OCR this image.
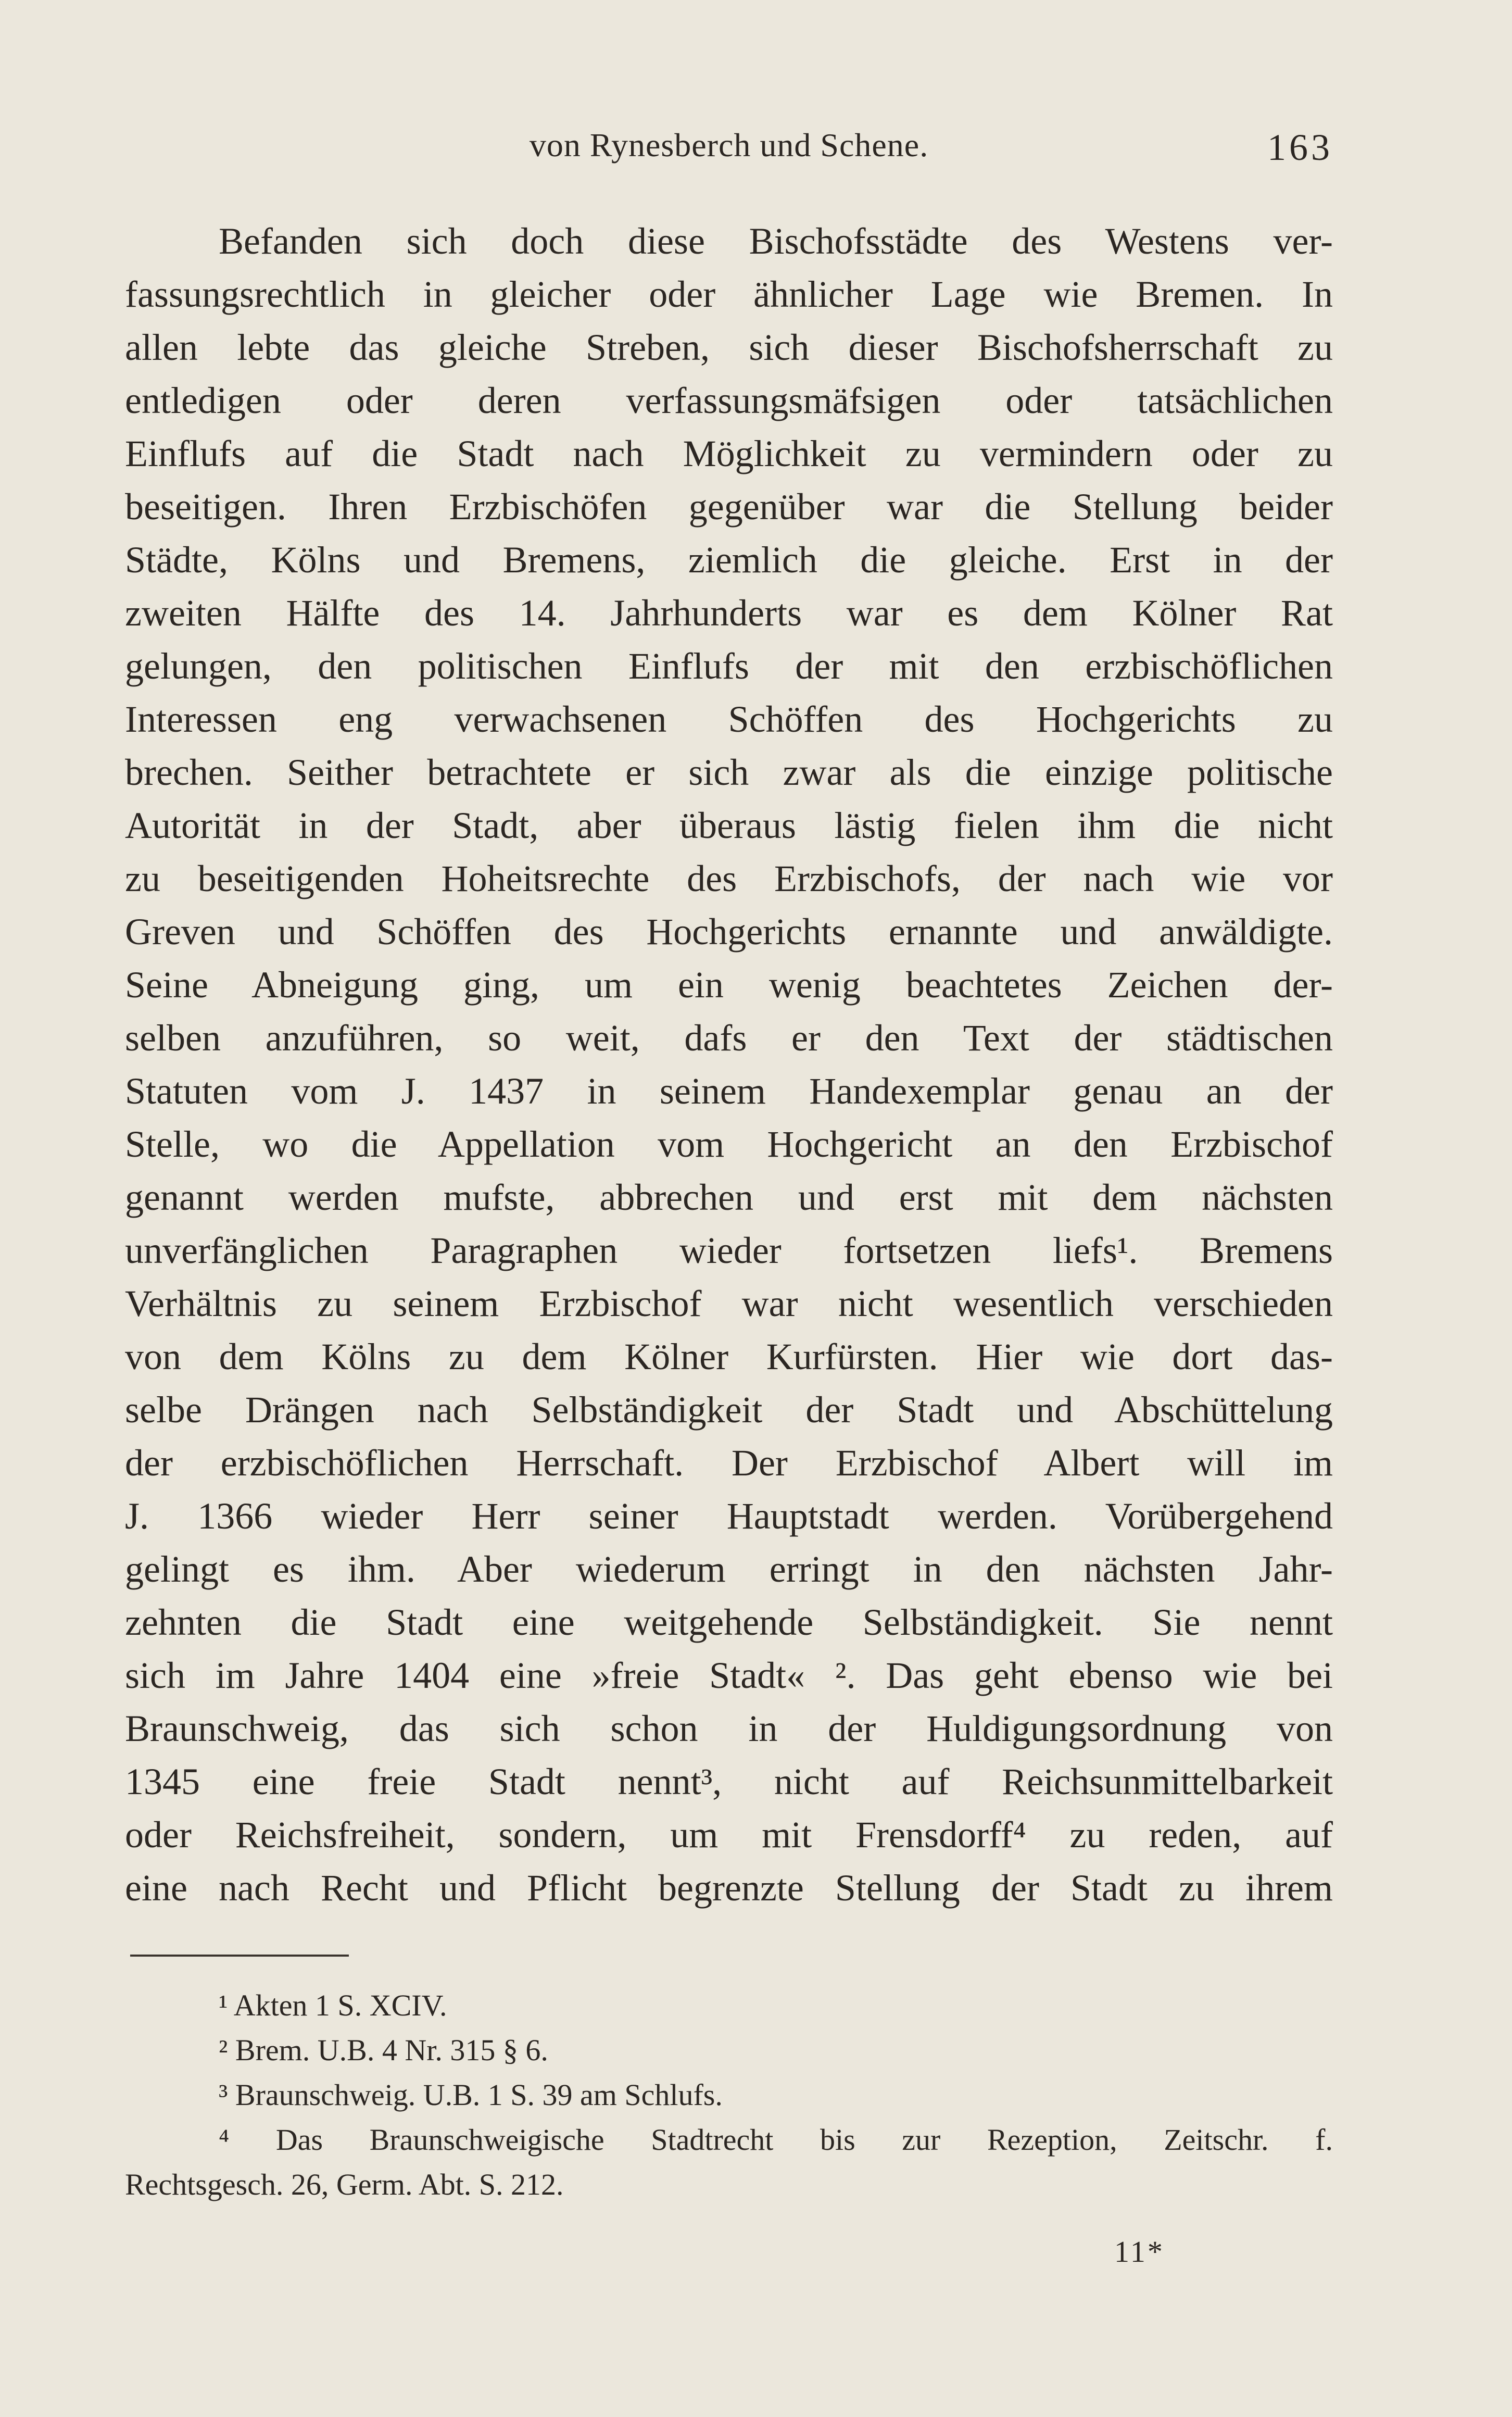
von Rynesberch und Schene.	163
Befanden sich doch diese Bischofsstädte des Westens ver-
fassungsrechtlich in gleicher oder ähnlicher Lage wie Bremen. In
allen lebte das gleiche Streben, sich dieser Bischofsherrschaft zu
entledigen oder deren verfassungsmäfsigen oder tatsächlichen
Einflufs auf die Stadt nach Möglichkeit zu vermindern oder zu
beseitigen. Ihren Erzbischöfen gegenüber war die Stellung beider
Städte, Kölns und Bremens, ziemlich die gleiche. Erst in der
zweiten Hälfte des 14. Jahrhunderts war es dem Kölner Rat
gelungen, den politischen Einflufs der mit den erzbischöflichen
Interessen eng verwachsenen Schöffen des Hochgerichts zu
brechen. Seither betrachtete er sich zwar als die einzige politische
Autorität in der Stadt, aber überaus lästig fielen ihm die nicht
zu beseitigenden Hoheitsrechte des Erzbischofs, der nach wie vor
Greven und Schöffen des Hochgerichts ernannte und anwäldigte.
Seine Abneigung ging, um ein wenig beachtetes Zeichen der-
selben anzuführen, so weit, dafs er den Text der städtischen
Statuten vom J. 1437 in seinem Handexemplar genau an der
Stelle, wo die Appellation vom Hochgericht an den Erzbischof
genannt werden mufste, abbrechen und erst mit dem nächsten
unverfänglichen Paragraphen wieder fortsetzen liefs¹. Bremens
Verhältnis zu seinem Erzbischof war nicht wesentlich verschieden
von dem Kölns zu dem Kölner Kurfürsten. Hier wie dort das-
selbe Drängen nach Selbständigkeit der Stadt und Abschüttelung
der erzbischöflichen Herrschaft. Der Erzbischof Albert will im
J. 1366 wieder Herr seiner Hauptstadt werden. Vorübergehend
gelingt es ihm. Aber wiederum erringt in den nächsten Jahr-
zehnten die Stadt eine weitgehende Selbständigkeit. Sie nennt
sich im Jahre 1404 eine »freie Stadt« ². Das geht ebenso wie bei
Braunschweig, das sich schon in der Huldigungsordnung von
1345 eine freie Stadt nennt³, nicht auf Reichsunmittelbarkeit
oder Reichsfreiheit, sondern, um mit Frensdorff⁴ zu reden, auf
eine nach Recht und Pflicht begrenzte Stellung der Stadt zu ihrem
¹ Akten 1 S. XCIV.
² Brem. U.B. 4 Nr. 315 § 6.
³ Braunschweig. U.B. 1 S. 39 am Schlufs.
⁴ Das Braunschweigische Stadtrecht bis zur Rezeption, Zeitschr. f.
Rechtsgesch. 26, Germ. Abt. S. 212.
11*
